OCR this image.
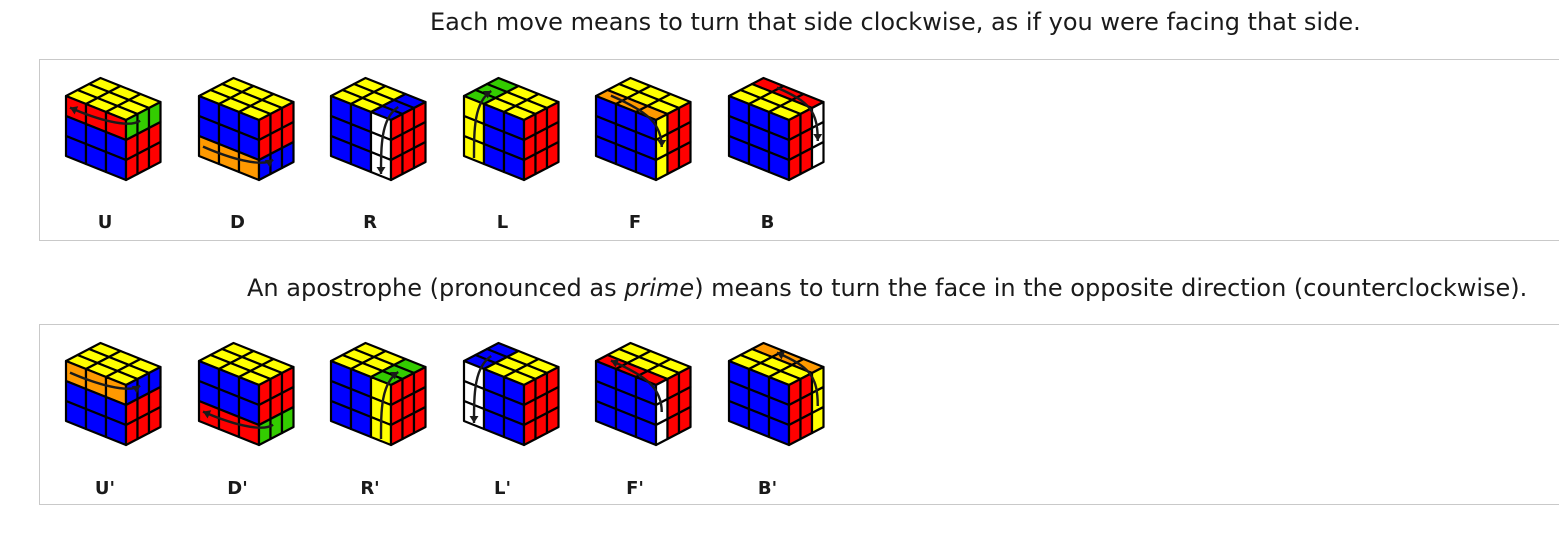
Each move means to turn that side clockwise, as if you were facing that side.
U	D	R	L	F	B
An apostrophe (pronounced as prime) means to turn the face in the opposite direction (counterclockwise).
U'	D'	R'	L'	F'	B'
